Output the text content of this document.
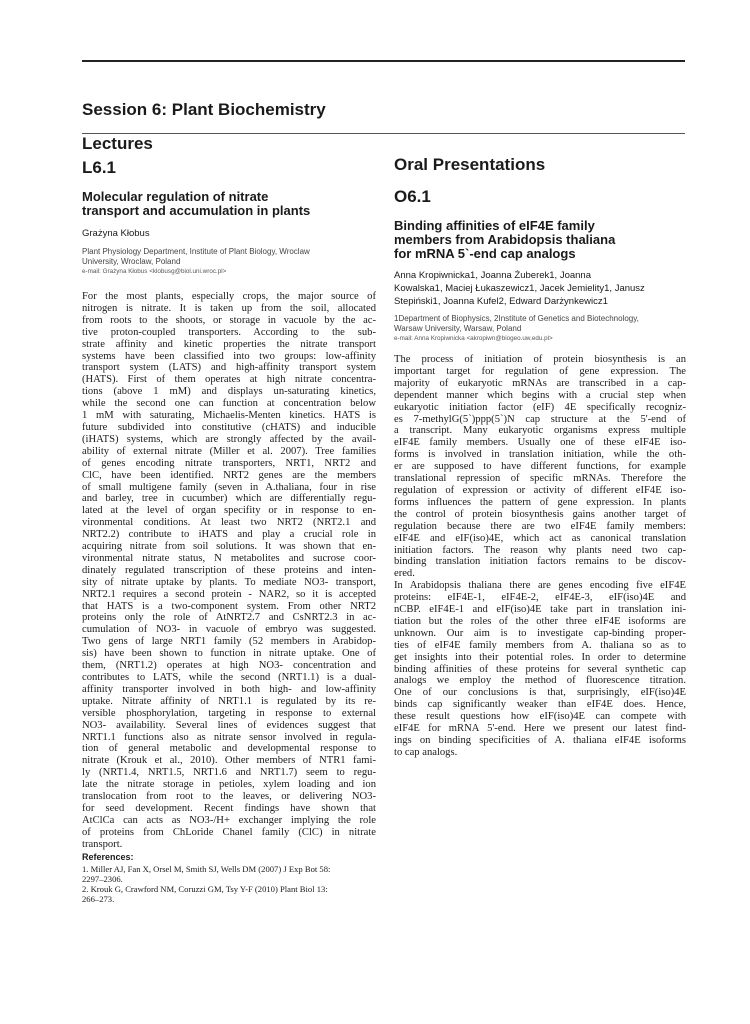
Session 6: Plant Biochemistry
Lectures
L6.1
Molecular regulation of nitrate
transport and accumulation in plants

Grażyna Kłobus

Plant Physiology Department, Institute of Plant Biology, Wroclaw

University, Wroclaw, Poland

e-mail: Grażyna Kłobus <klobusg@biol.uni.wroc.pl>

For the most plants, especially crops, the major source of
nitrogen is nitrate. It is taken up from the soil, allocated
from roots to the shoots, or storage in vacuole by the ac-
tive proton-coupled transporters. According to the sub-
strate affinity and kinetic properties the nitrate transport
systems have been classified into two groups: low-affinity
transport system (LATS) and high-affinity transport system
(HATS). First of them operates at high nitrate concentra-
tions (above 1 mM) and displays un-saturating kinetics,
while the second one can function at concentration below
1 mM with saturating, Michaelis-Menten kinetics. HATS is
future subdivided into constitutive (cHATS) and inducible
(iHATS) systems, which are strongly affected by the avail-
ability of external nitrate (Miller et al. 2007). Tree families
of genes encoding nitrate transporters, NRT1, NRT2 and
ClC, have been identified. NRT2 genes are the members
of small multigene family (seven in A.thaliana, four in rise
and barley, tree in cucumber) which are differentially regu-
lated at the level of organ specifity or in response to en-
vironmental conditions. At least two NRT2 (NRT2.1 and
NRT2.2) contribute to iHATS and play a crucial role in
acquiring nitrate from soil solutions. It was shown that en-
vironmental nitrate status, N metabolites and sucrose coor-
dinately regulated transcription of these proteins and inten-
sity of nitrate uptake by plants. To mediate NO3- transport,
NRT2.1 requires a second protein - NAR2, so it is accepted
that HATS is a two-component system. From other NRT2
proteins only the role of AtNRT2.7 and CsNRT2.3 in ac-
cumulation of NO3- in vacuole of embryo was suggested.
Two gens of large NRT1 family (52 members in Arabidop-
sis) have been shown to function in nitrate uptake. One of
them, (NRT1.2) operates at high NO3- concentration and
contributes to LATS, while the second (NRT1.1) is a dual-
affinity transporter involved in both high- and low-affinity
uptake. Nitrate affinity of NRT1.1 is regulated by its re-
versible phosphorylation, targeting in response to external
NO3- availability. Several lines of evidences suggest that
NRT1.1 functions also as nitrate sensor involved in regula-
tion of general metabolic and developmental response to
nitrate (Krouk et al., 2010). Other members of NTR1 fami-
ly (NRT1.4, NRT1.5, NRT1.6 and NRT1.7) seem to regu-
late the nitrate storage in petioles, xylem loading and ion
translocation from root to the leaves, or delivering NO3-
for seed development. Recent findings have shown that
AtClCa can acts as NO3-/H+ exchanger implying the role
of proteins from ChLoride Chanel family (ClC) in nitrate
transport.

References:

1. Miller AJ, Fan X, Orsel M, Smith SJ, Wells DM (2007) J Exp Bot 58:
2297–2306.
2. Krouk G, Crawford NM, Coruzzi GM, Tsy Y-F (2010) Plant Biol 13:
266–273.
Oral Presentations
O6.1
Binding affinities of eIF4E family
members from Arabidopsis thaliana
for mRNA 5`-end cap analogs

Anna Kropiwnicka1, Joanna Żuberek1, Joanna

Kowalska1, Maciej Łukaszewicz1, Jacek Jemielity1, Janusz

Stepiński1, Joanna Kufel2, Edward Darżynkewicz1

1Department of Biophysics, 2Institute of Genetics and Biotechnology,

Warsaw University, Warsaw, Poland

e-mail: Anna Kropiwnicka <akropiwn@biogeo.uw.edu.pl>

The process of initiation of protein biosynthesis is an
important target for regulation of gene expression. The
majority of eukaryotic mRNAs are transcribed in a cap-
dependent manner which begins with a crucial step when
eukaryotic initiation factor (eIF) 4E specifically recogniz-
es 7-methylG(5`)ppp(5`)N cap structure at the 5'-end of
a transcript. Many eukaryotic organisms express multiple
eIF4E family members. Usually one of these eIF4E iso-
forms is involved in translation initiation, while the oth-
er are supposed to have different functions, for example
translational repression of specific mRNAs. Therefore the
regulation of expression or activity of different eIF4E iso-
forms influences the pattern of gene expression. In plants
the control of protein biosynthesis gains another target of
regulation because there are two eIF4E family members:
eIF4E and eIF(iso)4E, which act as canonical translation
initiation factors. The reason why plants need two cap-
binding translation initiation factors remains to be discov-
ered.
In Arabidopsis thaliana there are genes encoding five eIF4E
proteins: eIF4E-1, eIF4E-2, eIF4E-3, eIF(iso)4E and
nCBP. eIF4E-1 and eIF(iso)4E take part in translation ini-
tiation but the roles of the other three eIF4E isoforms are
unknown. Our aim is to investigate cap-binding proper-
ties of eIF4E family members from A. thaliana so as to
get insights into their potential roles. In order to determine
binding affinities of these proteins for several synthetic cap
analogs we employ the method of fluorescence titration.
One of our conclusions is that, surprisingly, eIF(iso)4E
binds cap significantly weaker than eIF4E does. Hence,
these result questions how eIF(iso)4E can compete with
eIF4E for mRNA 5'-end. Here we present our latest find-
ings on binding specificities of A. thaliana eIF4E isoforms
to cap analogs.
